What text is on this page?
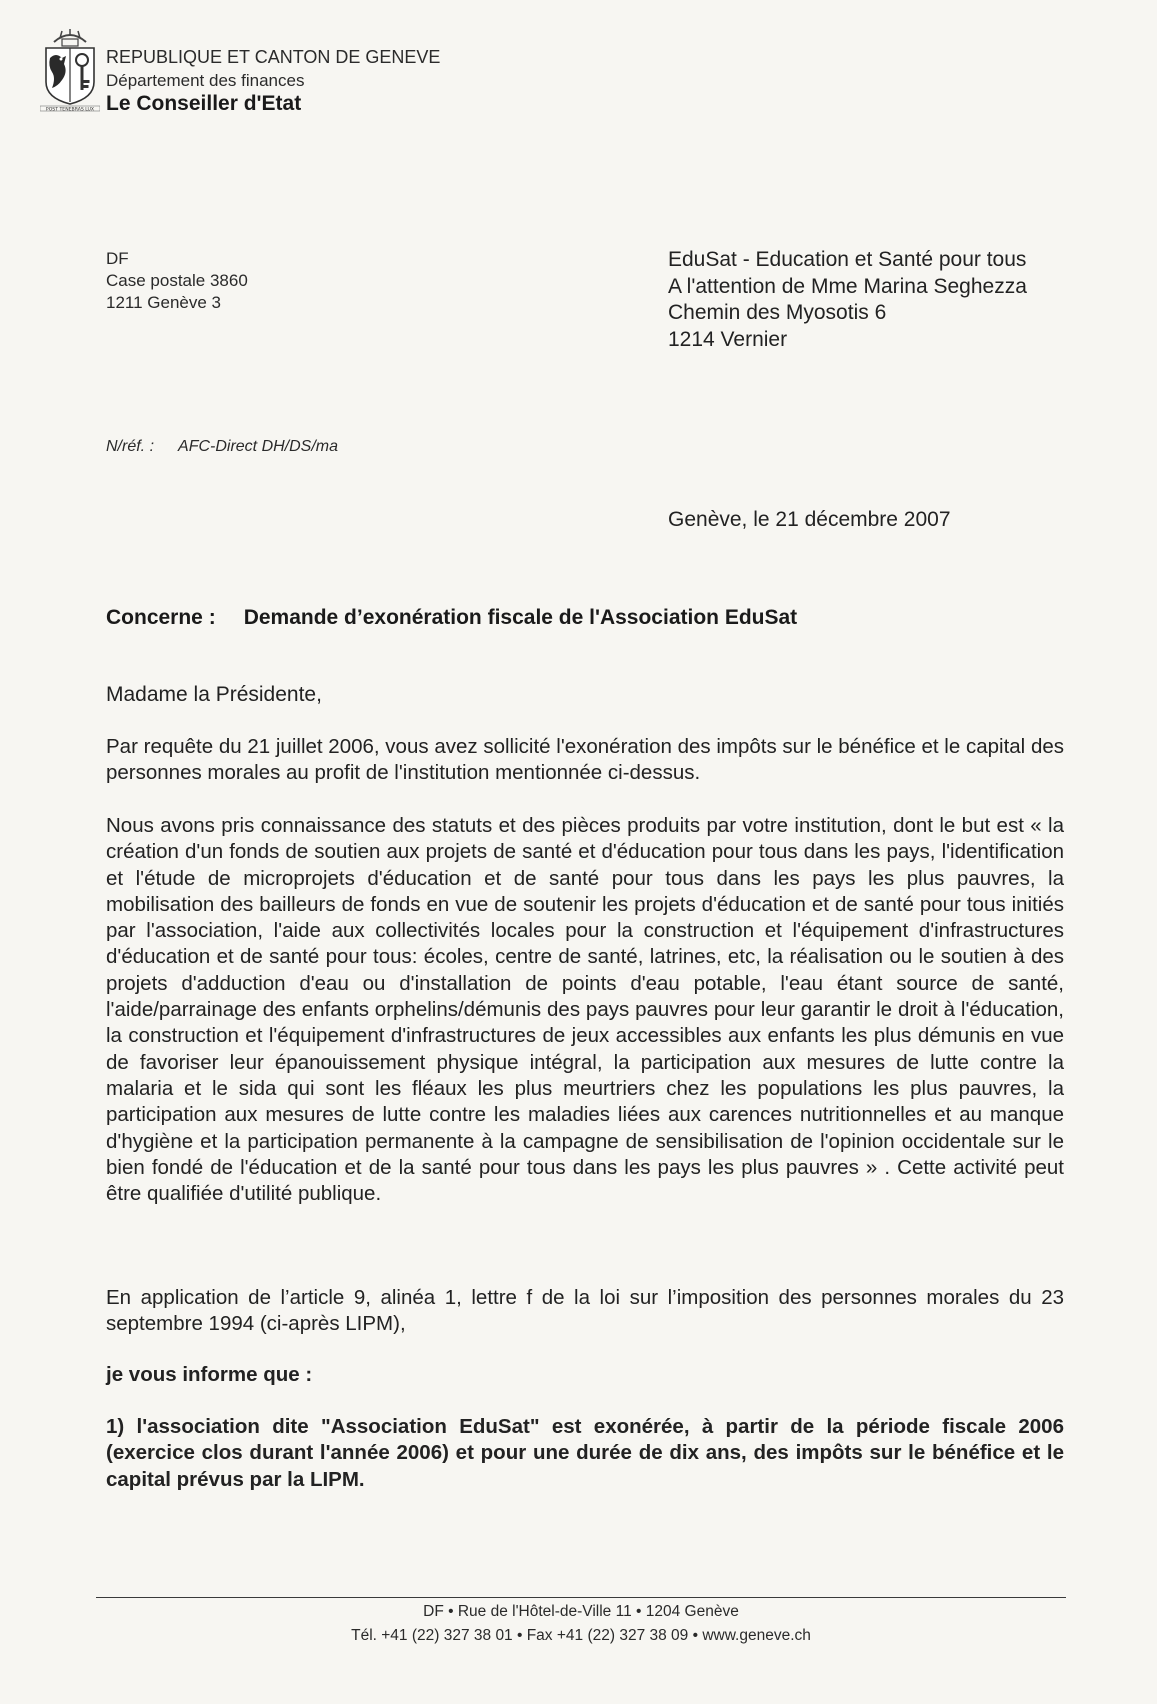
POST TENEBRAS LUX
REPUBLIQUE ET CANTON DE GENEVE
Département des finances
Le Conseiller d'Etat
DF
Case postale 3860
1211 Genève 3
EduSat - Education et Santé pour tous
A l'attention de Mme Marina Seghezza
Chemin des Myosotis 6
1214 Vernier
N/réf. : AFC-Direct DH/DS/ma
Genève, le 21 décembre 2007
Concerne : Demande d’exonération fiscale de l'Association EduSat
Madame la Présidente,

Par requête du 21 juillet 2006, vous avez sollicité l'exonération des impôts sur le bénéfice et le capital des personnes morales au profit de l'institution mentionnée ci-dessus.

Nous avons pris connaissance des statuts et des pièces produits par votre institution, dont le but est « la création d'un fonds de soutien aux projets de santé et d'éducation pour tous dans les pays, l'identification et l'étude de microprojets d'éducation et de santé pour tous dans les pays les plus pauvres, la mobilisation des bailleurs de fonds en vue de soutenir les projets d'éducation et de santé pour tous initiés par l'association, l'aide aux collectivités locales pour la construction et l'équipement d'infrastructures d'éducation et de santé pour tous: écoles, centre de santé, latrines, etc, la réalisation ou le soutien à des projets d'adduction d'eau ou d'installation de points d'eau potable, l'eau étant source de santé, l'aide/parrainage des enfants orphelins/démunis des pays pauvres pour leur garantir le droit à l'éducation, la construction et l'équipement d'infrastructures de jeux accessibles aux enfants les plus démunis en vue de favoriser leur épanouissement physique intégral, la participation aux mesures de lutte contre la malaria et le sida qui sont les fléaux les plus meurtriers chez les populations les plus pauvres, la participation aux mesures de lutte contre les maladies liées aux carences nutritionnelles et au manque d'hygiène et la participation permanente à la campagne de sensibilisation de l'opinion occidentale sur le bien fondé de l'éducation et de la santé pour tous dans les pays les plus pauvres » . Cette activité peut être qualifiée d'utilité publique.

En application de l’article 9, alinéa 1, lettre f de la loi sur l’imposition des personnes morales du 23 septembre 1994 (ci-après LIPM),

je vous informe que :

1) l'association dite "Association EduSat" est exonérée, à partir de la période fiscale 2006 (exercice clos durant l'année 2006) et pour une durée de dix ans, des impôts sur le bénéfice et le capital prévus par la LIPM.

DF • Rue de l'Hôtel-de-Ville 11 • 1204 Genève
Tél. +41 (22) 327 38 01 • Fax +41 (22) 327 38 09 • www.geneve.ch
